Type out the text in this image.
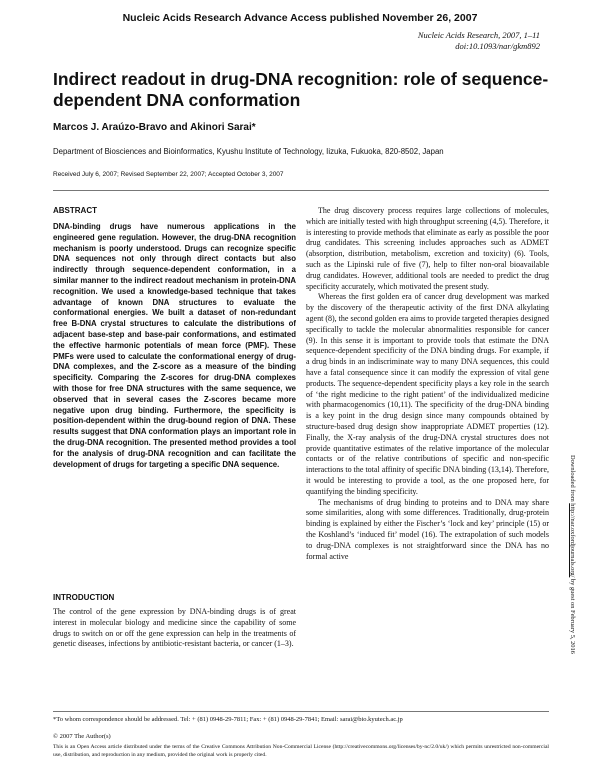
Nucleic Acids Research Advance Access published November 26, 2007
Nucleic Acids Research, 2007, 1–11
doi:10.1093/nar/gkm892
Indirect readout in drug-DNA recognition: role of sequence-dependent DNA conformation
Marcos J. Araúzo-Bravo and Akinori Sarai*
Department of Biosciences and Bioinformatics, Kyushu Institute of Technology, Iizuka, Fukuoka, 820-8502, Japan
Received July 6, 2007; Revised September 22, 2007; Accepted October 3, 2007
ABSTRACT
DNA-binding drugs have numerous applications in the engineered gene regulation. However, the drug-DNA recognition mechanism is poorly understood. Drugs can recognize specific DNA sequences not only through direct contacts but also indirectly through sequence-dependent conformation, in a similar manner to the indirect readout mechanism in protein-DNA recognition. We used a knowledge-based technique that takes advantage of known DNA structures to evaluate the conformational energies. We built a dataset of non-redundant free B-DNA crystal structures to calculate the distributions of adjacent base-step and base-pair conformations, and estimated the effective harmonic potentials of mean force (PMF). These PMFs were used to calculate the conformational energy of drug-DNA complexes, and the Z-score as a measure of the binding specificity. Comparing the Z-scores for drug-DNA complexes with those for free DNA structures with the same sequence, we observed that in several cases the Z-scores became more negative upon drug binding. Furthermore, the specificity is position-dependent within the drug-bound region of DNA. These results suggest that DNA conformation plays an important role in the drug-DNA recognition. The presented method provides a tool for the analysis of drug-DNA recognition and can facilitate the development of drugs for targeting a specific DNA sequence.
INTRODUCTION
The control of the gene expression by DNA-binding drugs is of great interest in molecular biology and medicine since the capability of some drugs to switch on or off the gene expression can help in the treatments of genetic diseases, infections by antibiotic-resistant bacteria, or cancer (1–3).

The drug discovery process requires large collections of molecules, which are initially tested with high throughput screening (4,5). Therefore, it is interesting to provide methods that eliminate as early as possible the poor drug candidates. This screening includes approaches such as ADMET (absorption, distribution, metabolism, excretion and toxicity) (6). Tools, such as the Lipinski rule of five (7), help to filter non-oral bioavailable drug candidates. However, additional tools are needed to predict the drug specificity accurately, which motivated the present study.

Whereas the first golden era of cancer drug development was marked by the discovery of the therapeutic activity of the first DNA alkylating agent (8), the second golden era aims to provide targeted therapies designed specifically to tackle the molecular abnormalities responsible for cancer (9). In this sense it is important to provide tools that estimate the DNA sequence-dependent specificity of the DNA binding drugs. For example, if a drug binds in an indiscriminate way to many DNA sequences, this could have a fatal consequence since it can modify the expression of vital gene products. The sequence-dependent specificity plays a key role in the search of ‘the right medicine to the right patient’ of the individualized medicine with pharmacogenomics (10,11). The specificity of the drug-DNA binding is a key point in the drug design since many compounds obtained by structure-based drug design show inappropriate ADMET properties (12). Finally, the X-ray analysis of the drug-DNA crystal structures does not provide quantitative estimates of the relative importance of the molecular contacts or of the relative contributions of specific and non-specific interactions to the total affinity of specific DNA binding (13,14). Therefore, it would be interesting to provide a tool, as the one proposed here, for quantifying the binding specificity.

The mechanisms of drug binding to proteins and to DNA may share some similarities, along with some differences. Traditionally, drug-protein binding is explained by either the Fischer’s ‘lock and key’ principle (15) or the Koshland’s ‘induced fit’ model (16). The extrapolation of such models to drug-DNA complexes is not straightforward since the DNA has no formal active

*To whom correspondence should be addressed. Tel: + (81) 0948-29-7811; Fax: + (81) 0948-29-7841; Email: sarai@bio.kyutech.ac.jp
© 2007 The Author(s)
This is an Open Access article distributed under the terms of the Creative Commons Attribution Non-Commercial License (http://creativecommons.org/licenses/by-nc/2.0/uk/) which permits unrestricted non-commercial use, distribution, and reproduction in any medium, provided the original work is properly cited.
Downloaded from http://nar.oxfordjournals.org/ by guest on February 5, 2016
